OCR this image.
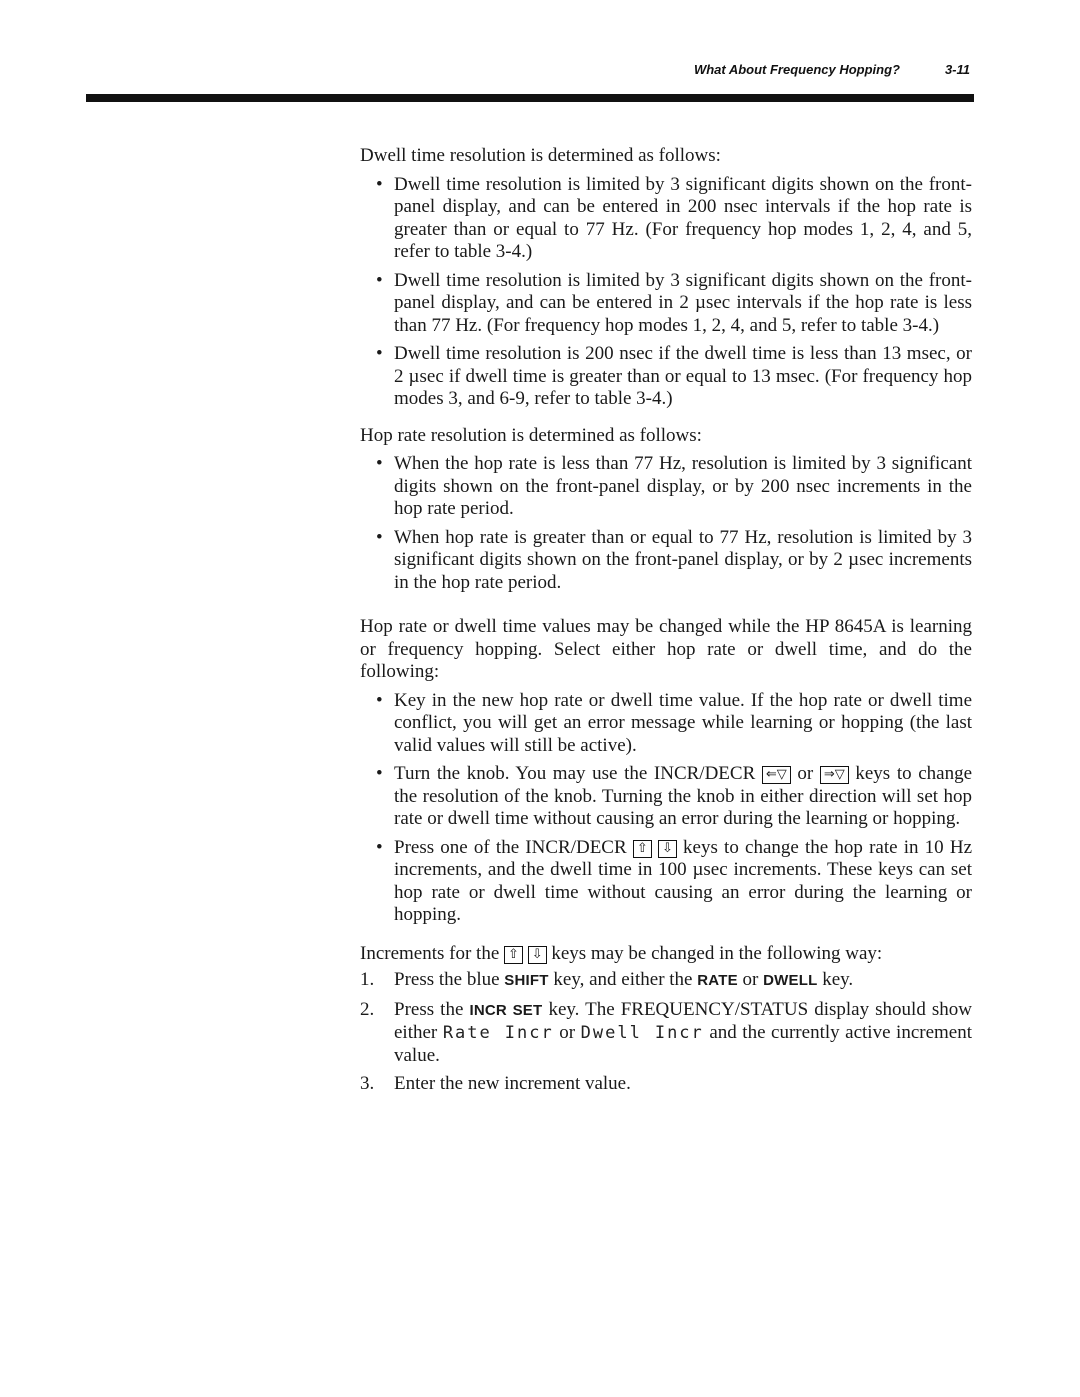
What About Frequency Hopping?	3-11

Dwell time resolution is determined as follows:

• Dwell time resolution is limited by 3 significant digits shown on the front-panel display, and can be entered in 200 nsec intervals if the hop rate is greater than or equal to 77 Hz. (For frequency hop modes 1, 2, 4, and 5, refer to table 3-4.)
• Dwell time resolution is limited by 3 significant digits shown on the front-panel display, and can be entered in 2 µsec intervals if the hop rate is less than 77 Hz. (For frequency hop modes 1, 2, 4, and 5, refer to table 3-4.)
• Dwell time resolution is 200 nsec if the dwell time is less than 13 msec, or 2 µsec if dwell time is greater than or equal to 13 msec. (For frequency hop modes 3, and 6-9, refer to table 3-4.)

Hop rate resolution is determined as follows:

• When the hop rate is less than 77 Hz, resolution is limited by 3 significant digits shown on the front-panel display, or by 200 nsec increments in the hop rate period.
• When hop rate is greater than or equal to 77 Hz, resolution is limited by 3 significant digits shown on the front-panel display, or by 2 µsec increments in the hop rate period.

Hop rate or dwell time values may be changed while the HP 8645A is learning or frequency hopping. Select either hop rate or dwell time, and do the following:

• Key in the new hop rate or dwell time value. If the hop rate or dwell time conflict, you will get an error message while learning or hopping (the last valid values will still be active).
• Turn the knob. You may use the INCR/DECR ⇐▽ or ⇒▽ keys to change the resolution of the knob. Turning the knob in either direction will set hop rate or dwell time without causing an error during the learning or hopping.
• Press one of the INCR/DECR ⇧ ⇩ keys to change the hop rate in 10 Hz increments, and the dwell time in 100 µsec increments. These keys can set hop rate or dwell time without causing an error during the learning or hopping.

Increments for the ⇧ ⇩ keys may be changed in the following way:

1. Press the blue SHIFT key, and either the RATE or DWELL key.
2. Press the INCR SET key. The FREQUENCY/STATUS display should show either Rate Incr or Dwell Incr and the currently active increment value.
3. Enter the new increment value.
